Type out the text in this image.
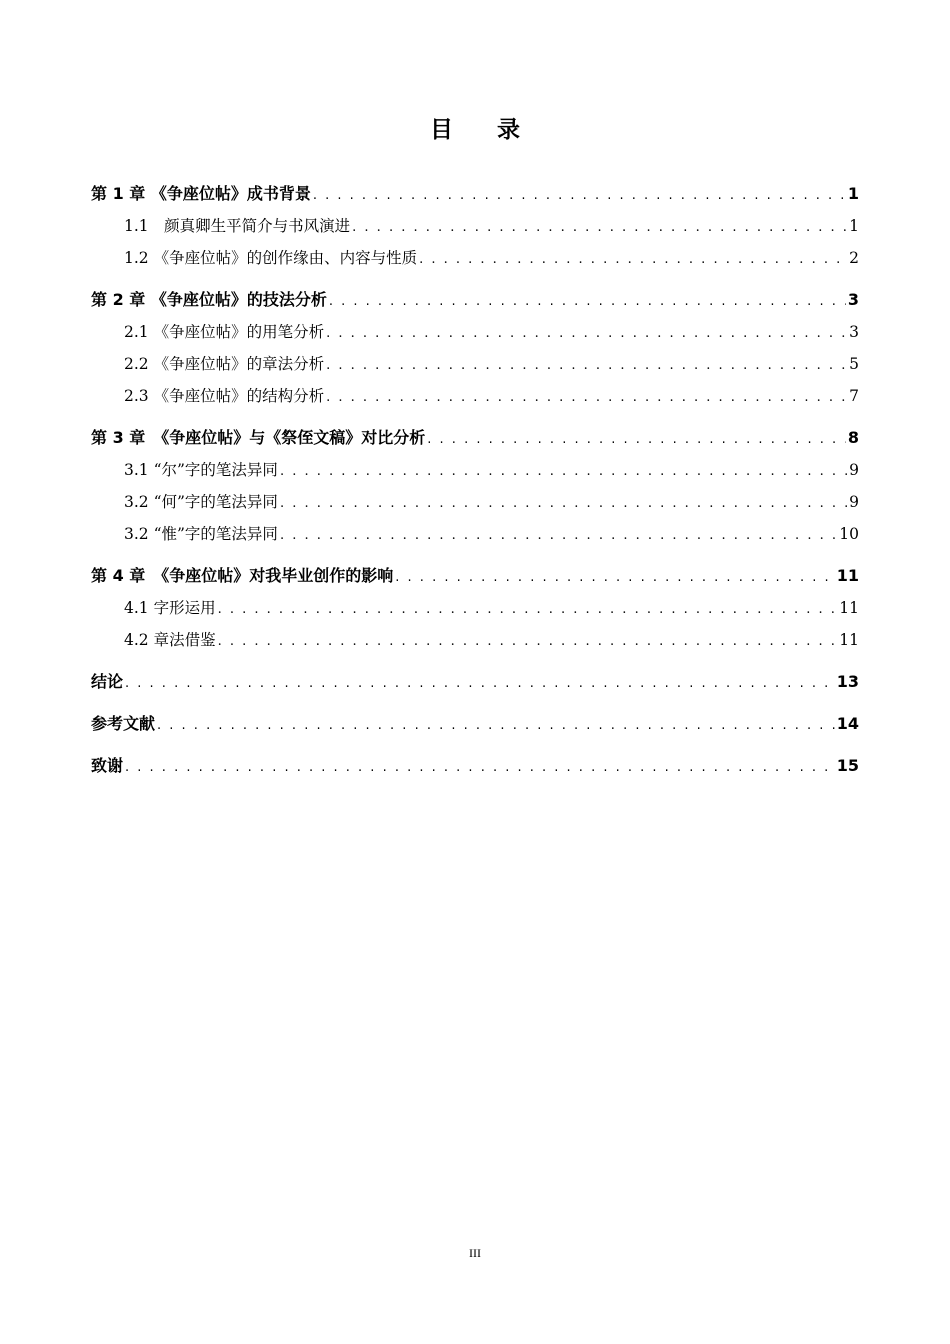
目录
第 1 章 《争座位帖》成书背景 . . .	1
1.1　颜真卿生平简介与书风演进 . . .	1
1.2 《争座位帖》的创作缘由、内容与性质 . . .	2
第 2 章 《争座位帖》的技法分析 . . .	3
2.1 《争座位帖》的用笔分析 . . .	3
2.2 《争座位帖》的章法分析 . . .	5
2.3 《争座位帖》的结构分析 . . .	7
第 3 章　《争座位帖》与《祭侄文稿》对比分析 . . .	8
3.1 “尔”字的笔法异同 . . .	9
3.2 “何”字的笔法异同 . . .	9
3.2 “惟”字的笔法异同 . . .	10
第 4 章　《争座位帖》对我毕业创作的影响 . . .	11
4.1 字形运用 . . .	11
4.2 章法借鉴 . . .	11
结论 . . .	13
参考文献 . . .	14
致谢 . . .	15
III
